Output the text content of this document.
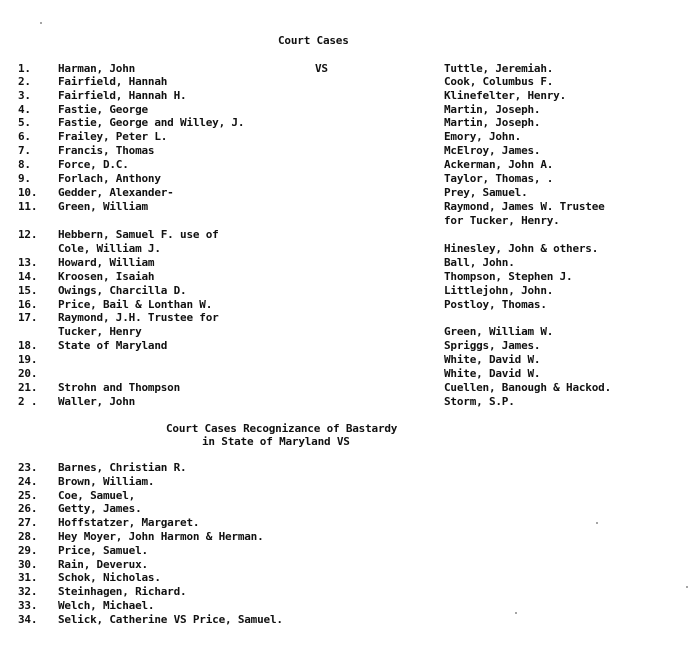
Court Cases
VS
1. Harman, John	Tuttle, Jeremiah.
2. Fairfield, Hannah	Cook, Columbus F.
3. Fairfield, Hannah H.	Klinefelter, Henry.
4. Fastie, George	Martin, Joseph.
5. Fastie, George and Willey, J.	Martin, Joseph.
6. Frailey, Peter L.	Emory, John.
7. Francis, Thomas	McElroy, James.
8. Force, D.C.	Ackerman, John A.
9. Forlach, Anthony	Taylor, Thomas, .
10. Gedder, Alexander-	Prey, Samuel.
11. Green, William	Raymond, James W. Trustee
for Tucker, Henry.
12. Hebbern, Samuel F. use of
Cole, William J.	Hinesley, John & others.
13. Howard, William	Ball, John.
14. Kroosen, Isaiah	Thompson, Stephen J.
15. Owings, Charcilla D.	Littlejohn, John.
16. Price, Bail & Lonthan W.	Postloy, Thomas.
17. Raymond, J.H. Trustee for
Tucker, Henry	Green, William W.
18. State of Maryland	Spriggs, James.
19.	White, David W.
20.	White, David W.
21. Strohn and Thompson	Cuellen, Banough & Hackod.
2 . Waller, John	Storm, S.P.
Court Cases Recognizance of Bastardy
in State of Maryland VS
23. Barnes, Christian R.
24. Brown, William.
25. Coe, Samuel,
26. Getty, James.
27. Hoffstatzer, Margaret.
28. Hey Moyer, John Harmon & Herman.
29. Price, Samuel.
30. Rain, Deverux.
31. Schok, Nicholas.
32. Steinhagen, Richard.
33. Welch, Michael.
34. Selick, Catherine VS Price, Samuel.
